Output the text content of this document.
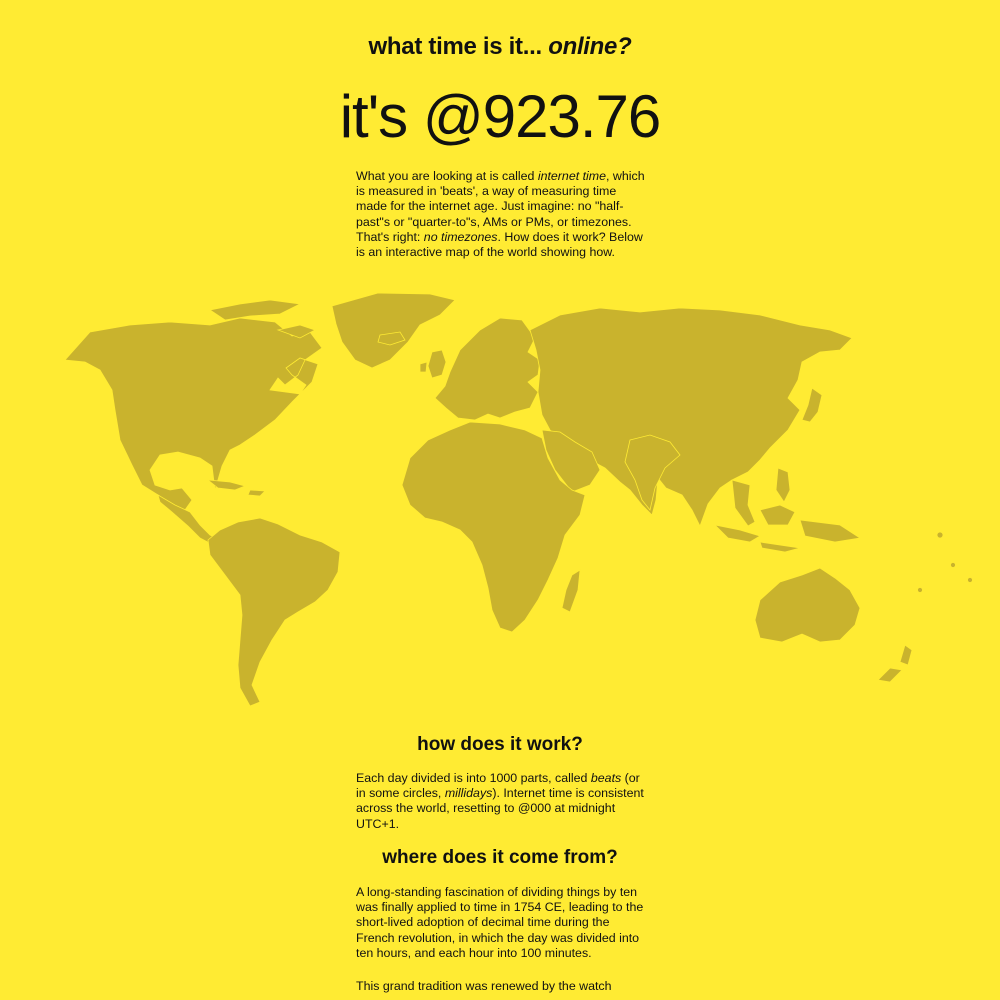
what time is it... online?
it's @923.76

What you are looking at is called internet time, which is measured in 'beats', a way of measuring time made for the internet age. Just imagine: no "half-past"s or "quarter-to"s, AMs or PMs, or timezones. That's right: no timezones. How does it work? Below is an interactive map of the world showing how.

how does it work?

Each day divided is into 1000 parts, called beats (or in some circles, millidays). Internet time is consistent across the world, resetting to @000 at midnight UTC+1.

where does it come from?

A long-standing fascination of dividing things by ten was finally applied to time in 1754 CE, leading to the short-lived adoption of decimal time during the French revolution, in which the day was divided into ten hours, and each hour into 100 minutes.

This grand tradition was renewed by the watch
